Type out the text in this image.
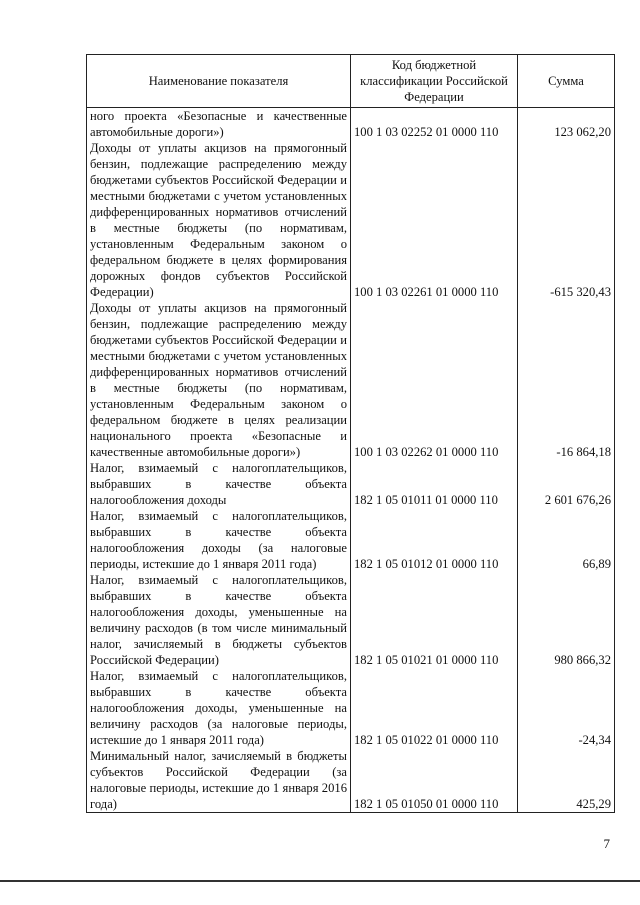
Наименование показателя	Код бюджетной классификации Российской Федерации	Сумма
ного проекта «Безопасные и качественные автомобильные дороги»)	100 1 03 02252 01 0000 110	123 062,20
Доходы от уплаты акцизов на прямогонный бензин, подлежащие распределению между бюджетами субъектов Российской Федерации и местными бюджетами с учетом установленных дифференцированных нормативов отчислений в местные бюджеты (по нормативам, установленным Федеральным законом о федеральном бюджете в целях формирования дорожных фондов субъектов Российской Федерации)	100 1 03 02261 01 0000 110	-615 320,43
Доходы от уплаты акцизов на прямогонный бензин, подлежащие распределению между бюджетами субъектов Российской Федерации и местными бюджетами с учетом установленных дифференцированных нормативов отчислений в местные бюджеты (по нормативам, установленным Федеральным законом о федеральном бюджете в целях реализации национального проекта «Безопасные и качественные автомобильные дороги»)	100 1 03 02262 01 0000 110	-16 864,18
Налог, взимаемый с налогоплательщиков, выбравших в качестве объекта налогообложения доходы	182 1 05 01011 01 0000 110	2 601 676,26
Налог, взимаемый с налогоплательщиков, выбравших в качестве объекта налогообложения доходы (за налоговые периоды, истекшие до 1 января 2011 года)	182 1 05 01012 01 0000 110	66,89
Налог, взимаемый с налогоплательщиков, выбравших в качестве объекта налогообложения доходы, уменьшенные на величину расходов (в том числе минимальный налог, зачисляемый в бюджеты субъектов Российской Федерации)	182 1 05 01021 01 0000 110	980 866,32
Налог, взимаемый с налогоплательщиков, выбравших в качестве объекта налогообложения доходы, уменьшенные на величину расходов (за налоговые периоды, истекшие до 1 января 2011 года)	182 1 05 01022 01 0000 110	-24,34
Минимальный налог, зачисляемый в бюджеты субъектов Российской Федерации (за налоговые периоды, истекшие до 1 января 2016 года)	182 1 05 01050 01 0000 110	425,29
7
